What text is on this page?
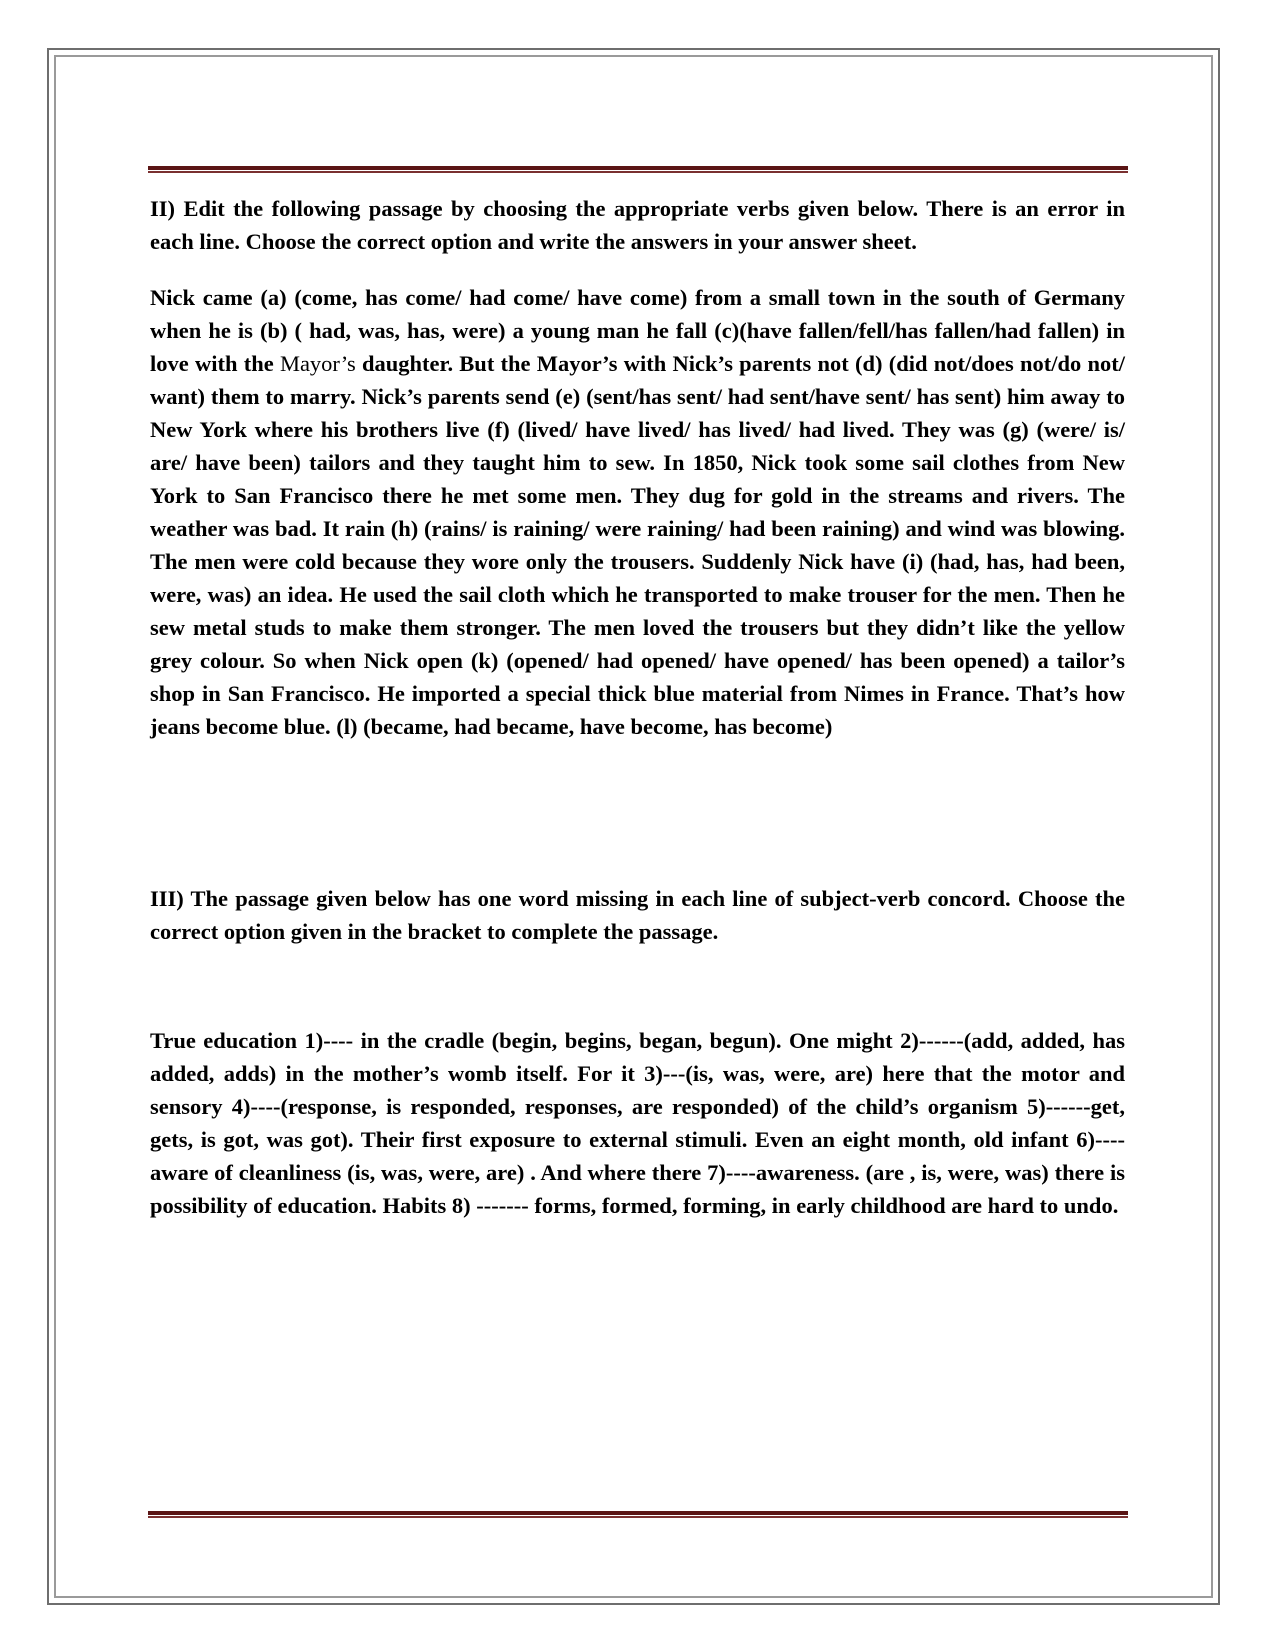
II) Edit the following passage by choosing the appropriate verbs given below. There is an error in each line. Choose the correct option and write the answers in your answer sheet.

Nick came (a) (come, has come/ had come/ have come) from a small town in the south of Germany when he is (b) ( had, was, has, were) a young man he fall (c)(have fallen/fell/has fallen/had fallen) in love with the Mayor’s daughter. But the Mayor’s with Nick’s parents not (d) (did not/does not/do not/ want) them to marry. Nick’s parents send (e) (sent/has sent/ had sent/have sent/ has sent) him away to New York where his brothers live (f) (lived/ have lived/ has lived/ had lived. They was (g) (were/ is/ are/ have been) tailors and they taught him to sew. In 1850, Nick took some sail clothes from New York to San Francisco there he met some men. They dug for gold in the streams and rivers. The weather was bad. It rain (h) (rains/ is raining/ were raining/ had been raining) and wind was blowing. The men were cold because they wore only the trousers. Suddenly Nick have (i) (had, has, had been, were, was) an idea. He used the sail cloth which he transported to make trouser for the men. Then he sew metal studs to make them stronger. The men loved the trousers but they didn’t like the yellow grey colour. So when Nick open (k) (opened/ had opened/ have opened/ has been opened) a tailor’s shop in San Francisco. He imported a special thick blue material from Nimes in France. That’s how jeans become blue. (l) (became, had became, have become, has become)

III) The passage given below has one word missing in each line of subject-verb concord. Choose the correct option given in the bracket to complete the passage.

True education 1)---- in the cradle (begin, begins, began, begun). One might 2)------(add, added, has added, adds) in the mother’s womb itself. For it 3)---(is, was, were, are) here that the motor and sensory 4)----(response, is responded, responses, are responded) of the child’s organism 5)------get, gets, is got, was got). Their first exposure to external stimuli. Even an eight month, old infant 6)----aware of cleanliness (is, was, were, are) . And where there 7)----awareness. (are , is, were, was) there is possibility of education. Habits 8) ------- forms, formed, forming, in early childhood are hard to undo.
